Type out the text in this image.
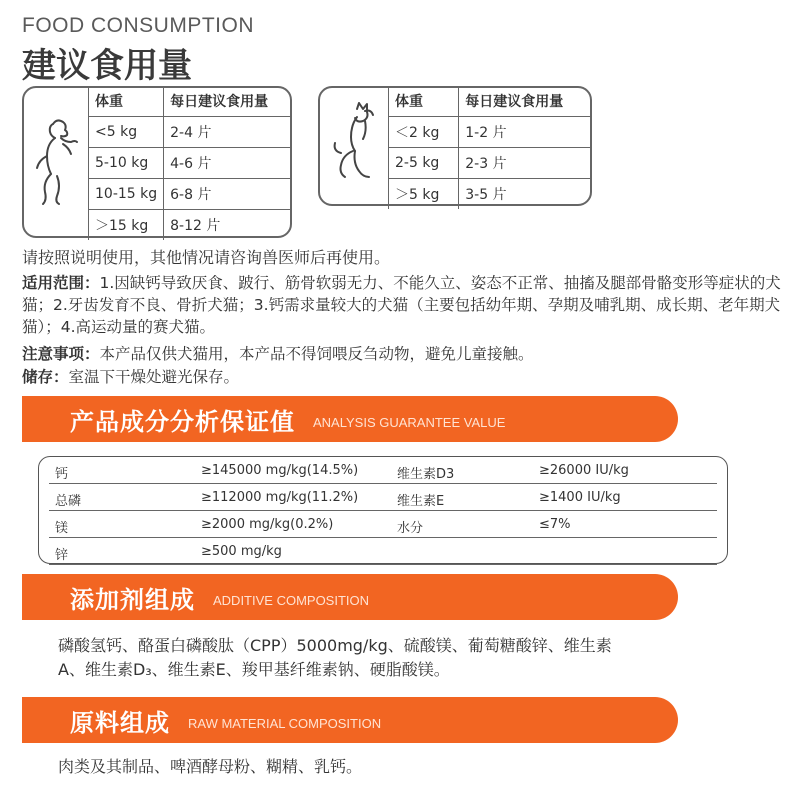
FOOD CONSUMPTION
建议食用量
体重	每日建议食用量
<5 kg	2-4 片
5-10 kg	4-6 片
10-15 kg	6-8 片
＞15 kg	8-12 片
体重	每日建议食用量
＜2 kg	1-2 片
2-5 kg	2-3 片
＞5 kg	3-5 片
请按照说明使用，其他情况请咨询兽医师后再使用。
适用范围：1.因缺钙导致厌食、跛行、筋骨软弱无力、不能久立、姿态不正常、抽搐及腿部骨骼变形等症状的犬猫；2.牙齿发育不良、骨折犬猫；3.钙需求量较大的犬猫（主要包括幼年期、孕期及哺乳期、成长期、老年期犬猫）；4.高运动量的赛犬猫。
注意事项：本产品仅供犬猫用，本产品不得饲喂反刍动物，避免儿童接触。
储存：室温下干燥处避光保存。
产品成分分析保证值 ANALYSIS GUARANTEE VALUE
钙	≥145000 mg/kg(14.5%)	维生素D3	≥26000 IU/kg
总磷	≥112000 mg/kg(11.2%)	维生素E	≥1400 IU/kg
镁	≥2000 mg/kg(0.2%)	水分	≤7%
锌	≥500 mg/kg
添加剂组成 ADDITIVE COMPOSITION
磷酸氢钙、酪蛋白磷酸肽（CPP）5000mg/kg、硫酸镁、葡萄糖酸锌、维生素
A、维生素D₃、维生素E、羧甲基纤维素钠、硬脂酸镁。
原料组成 RAW MATERIAL COMPOSITION
肉类及其制品、啤酒酵母粉、糊精、乳钙。
